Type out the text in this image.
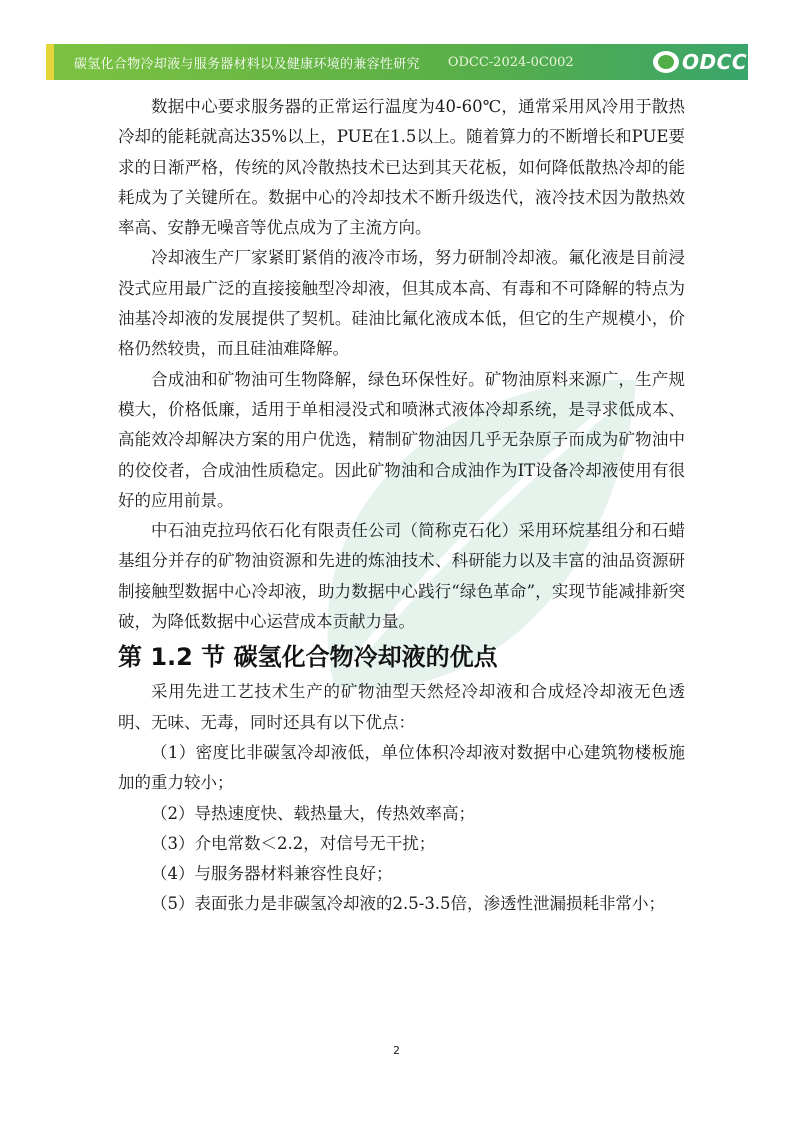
碳氢化合物冷却液与服务器材料以及健康环境的兼容性研究 ODCC-2024-0C002	ODCC

数据中心要求服务器的正常运行温度为40-60℃，通常采用风冷用于散热冷却的能耗就高达35%以上，PUE在1.5以上。随着算力的不断增长和PUE要求的日渐严格，传统的风冷散热技术已达到其天花板，如何降低散热冷却的能耗成为了关键所在。数据中心的冷却技术不断升级迭代，液冷技术因为散热效率高、安静无噪音等优点成为了主流方向。

冷却液生产厂家紧盯紧俏的液冷市场，努力研制冷却液。氟化液是目前浸没式应用最广泛的直接接触型冷却液，但其成本高、有毒和不可降解的特点为油基冷却液的发展提供了契机。硅油比氟化液成本低，但它的生产规模小，价格仍然较贵，而且硅油难降解。

合成油和矿物油可生物降解，绿色环保性好。矿物油原料来源广，生产规模大，价格低廉，适用于单相浸没式和喷淋式液体冷却系统，是寻求低成本、高能效冷却解决方案的用户优选，精制矿物油因几乎无杂原子而成为矿物油中的佼佼者，合成油性质稳定。因此矿物油和合成油作为IT设备冷却液使用有很好的应用前景。

中石油克拉玛依石化有限责任公司（简称克石化）采用环烷基组分和石蜡基组分并存的矿物油资源和先进的炼油技术、科研能力以及丰富的油品资源研制接触型数据中心冷却液，助力数据中心践行“绿色革命”，实现节能减排新突破，为降低数据中心运营成本贡献力量。

第 1.2 节 碳氢化合物冷却液的优点

采用先进工艺技术生产的矿物油型天然烃冷却液和合成烃冷却液无色透明、无味、无毒，同时还具有以下优点：

（1）密度比非碳氢冷却液低，单位体积冷却液对数据中心建筑物楼板施加的重力较小；

（2）导热速度快、载热量大，传热效率高；

（3）介电常数＜2.2，对信号无干扰；

（4）与服务器材料兼容性良好；

（5）表面张力是非碳氢冷却液的2.5-3.5倍，渗透性泄漏损耗非常小；

2
